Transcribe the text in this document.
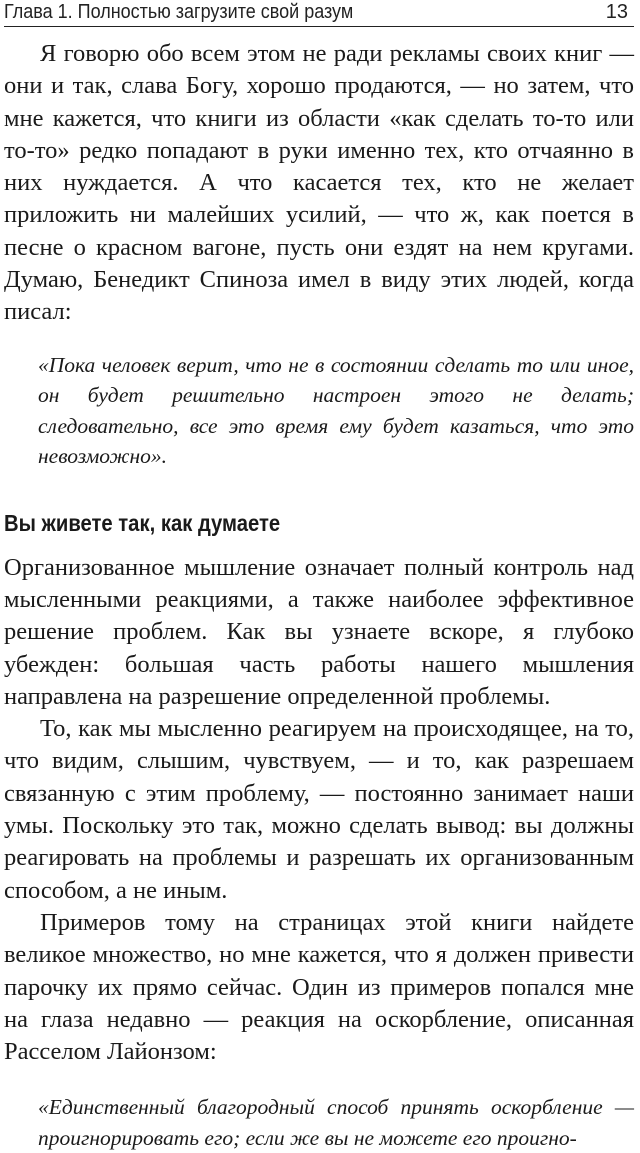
Глава 1. Полностью загрузите свой разум	13

Я говорю обо всем этом не ради рекламы своих книг — они и так, слава Богу, хорошо продаются, — но затем, что мне кажется, что книги из области «как сделать то-то или то-то» редко попадают в руки именно тех, кто отчаянно в них нуждается. А что касается тех, кто не желает приложить ни малейших усилий, — что ж, как поется в песне о красном вагоне, пусть они ездят на нем кругами. Думаю, Бенедикт Спиноза имел в виду этих людей, когда писал:

«Пока человек верит, что не в состоянии сделать то или иное, он будет решительно настроен этого не делать; следовательно, все это время ему будет казаться, что это невозможно».

Вы живете так, как думаете

Организованное мышление означает полный контроль над мысленными реакциями, а также наиболее эффективное решение проблем. Как вы узнаете вскоре, я глубоко убежден: большая часть работы нашего мышления направлена на разрешение определенной проблемы.

То, как мы мысленно реагируем на происходящее, на то, что видим, слышим, чувствуем, — и то, как разрешаем связанную с этим проблему, — постоянно занимает наши умы. Поскольку это так, можно сделать вывод: вы должны реагировать на проблемы и разрешать их организованным способом, а не иным.

Примеров тому на страницах этой книги найдете великое множество, но мне кажется, что я должен привести парочку их прямо сейчас. Один из примеров попался мне на глаза недавно — реакция на оскорбление, описанная Расселом Лайонзом:

«Единственный благородный способ принять оскорбление — проигнорировать его; если же вы не можете его проигно-
